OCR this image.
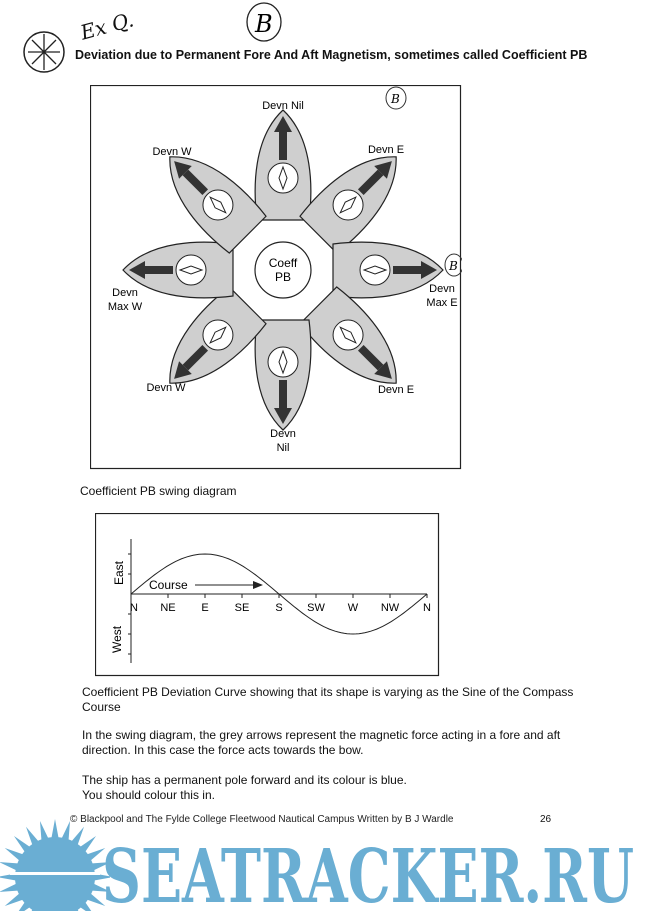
Ex Q.	B
Deviation due to Permanent Fore And Aft Magnetism, sometimes called Coefficient PB
Coeff
PB
Devn Nil
Devn E
Devn
Max E
Devn E
Devn
Nil
Devn W
Devn
Max W
Devn W
B
B
Coefficient PB swing diagram
N NE E SE S SW W NW N
East
West
Course
Coefficient PB Deviation Curve showing that its shape is varying as the Sine of the Compass
Course
In the swing diagram, the grey arrows represent the magnetic force acting in a fore and aft
direction. In this case the force acts towards the bow.
The ship has a permanent pole forward and its colour is blue.
You should colour this in.
© Blackpool and The Fylde College Fleetwood Nautical Campus Written by B J Wardle	26
SEATRACKER.RU
